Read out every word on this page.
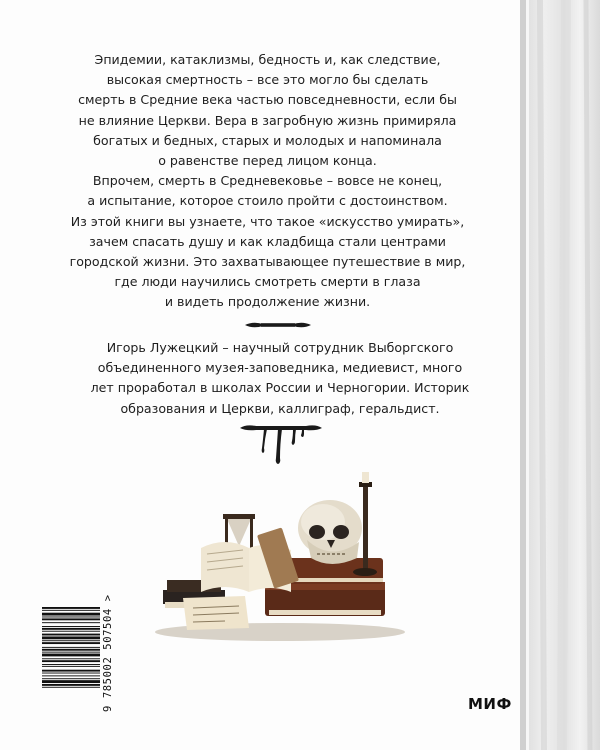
Эпидемии, катаклизмы, бедность и, как следствие,

высокая смертность – все это могло бы сделать

смерть в Средние века частью повседневности, если бы

не влияние Церкви. Вера в загробную жизнь примиряла

богатых и бедных, старых и молодых и напоминала

о равенстве перед лицом конца.

Впрочем, смерть в Средневековье – вовсе не конец,

а испытание, которое стоило пройти с достоинством.

Из этой книги вы узнаете, что такое «искусство умирать»,

зачем спасать душу и как кладбища стали центрами

городской жизни. Это захватывающее путешествие в мир,

где люди научились смотреть смерти в глаза

и видеть продолжение жизни.

Игорь Лужецкий – научный сотрудник Выборгского

объединенного музея-заповедника, медиевист, много

лет проработал в школах России и Черногории. Историк

образования и Церкви, каллиграф, геральдист.

9 785002 507504 >	МИФ
